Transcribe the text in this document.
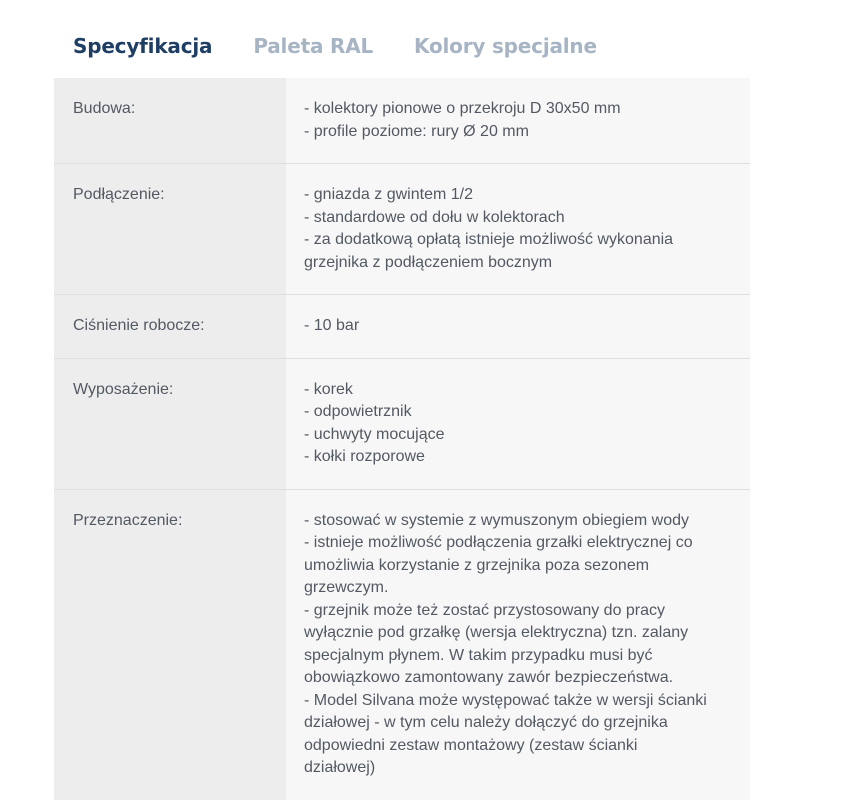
Specyfikacja Paleta RAL Kolory specjalne
Budowa:	- kolektory pionowe o przekroju D 30x50 mm
- profile poziome: rury Ø 20 mm

Podłączenie:	- gniazda z gwintem 1/2
- standardowe od dołu w kolektorach
- za dodatkową opłatą istnieje możliwość wykonania grzejnika z podłączeniem bocznym

Ciśnienie robocze:	- 10 bar

Wyposażenie:	- korek
- odpowietrznik
- uchwyty mocujące
- kołki rozporowe

Przeznaczenie:	- stosować w systemie z wymuszonym obiegiem wody
- istnieje możliwość podłączenia grzałki elektrycznej co umożliwia korzystanie z grzejnika poza sezonem grzewczym.
- grzejnik może też zostać przystosowany do pracy wyłącznie pod grzałkę (wersja elektryczna) tzn. zalany specjalnym płynem. W takim przypadku musi być obowiązkowo zamontowany zawór bezpieczeństwa.
- Model Silvana może występować także w wersji ścianki działowej - w tym celu należy dołączyć do grzejnika odpowiedni zestaw montażowy (zestaw ścianki działowej)
